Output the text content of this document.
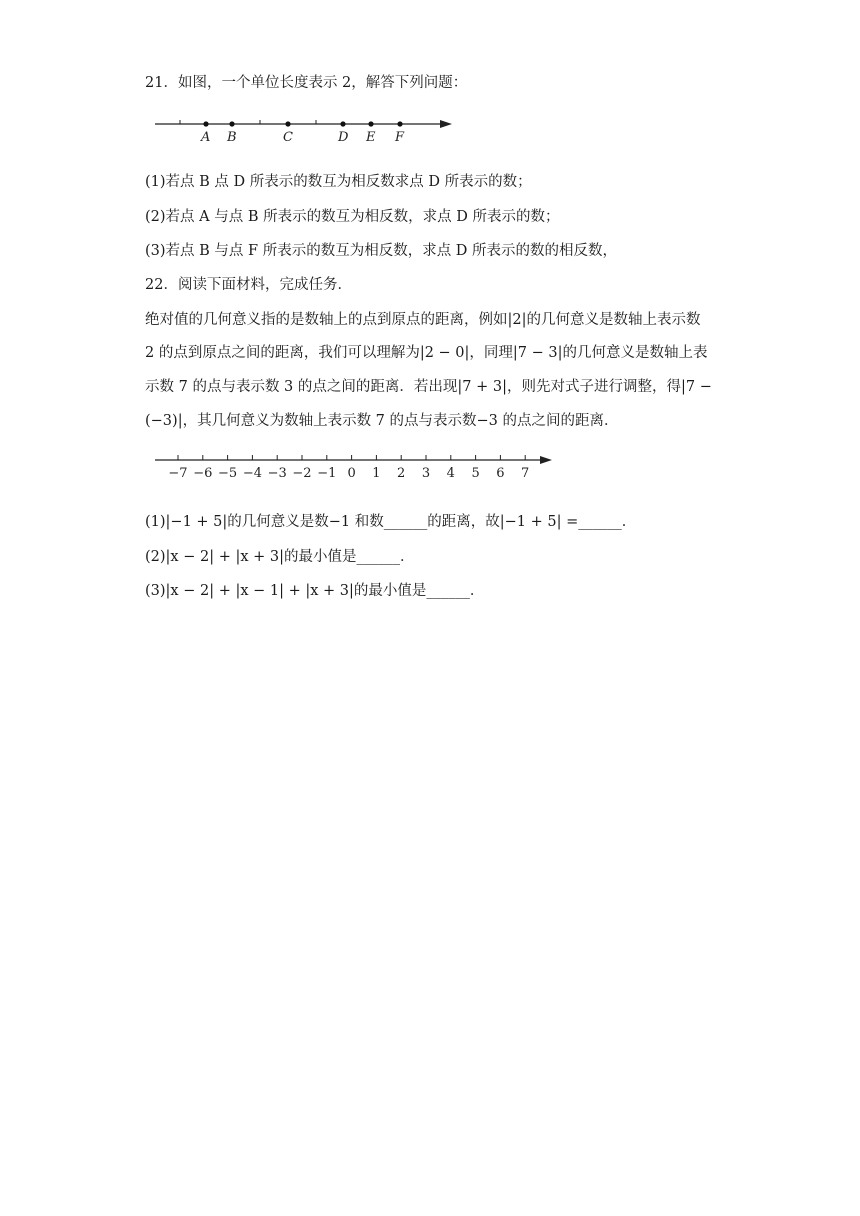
21．如图，一个单位长度表示 2，解答下列问题：
A B	C	D E F
(1)若点 B 点 D 所表示的数互为相反数求点 D 所表示的数；
(2)若点 A 与点 B 所表示的数互为相反数，求点 D 所表示的数；
(3)若点 B 与点 F 所表示的数互为相反数，求点 D 所表示的数的相反数，
22．阅读下面材料，完成任务．
绝对值的几何意义指的是数轴上的点到原点的距离，例如|2|的几何意义是数轴上表示数
2 的点到原点之间的距离，我们可以理解为|2 − 0|，同理|7 − 3|的几何意义是数轴上表
示数 7 的点与表示数 3 的点之间的距离．若出现|7 + 3|，则先对式子进行调整，得|7 −
(−3)|，其几何意义为数轴上表示数 7 的点与表示数−3 的点之间的距离．
−7 −6 −5 −4 −3 −2 −1 0 1 2 3 4 5 6 7
(1)|−1 + 5|的几何意义是数−1 和数______的距离，故|−1 + 5| =______．
(2)|x − 2| + |x + 3|的最小值是______．
(3)|x − 2| + |x − 1| + |x + 3|的最小值是______．
